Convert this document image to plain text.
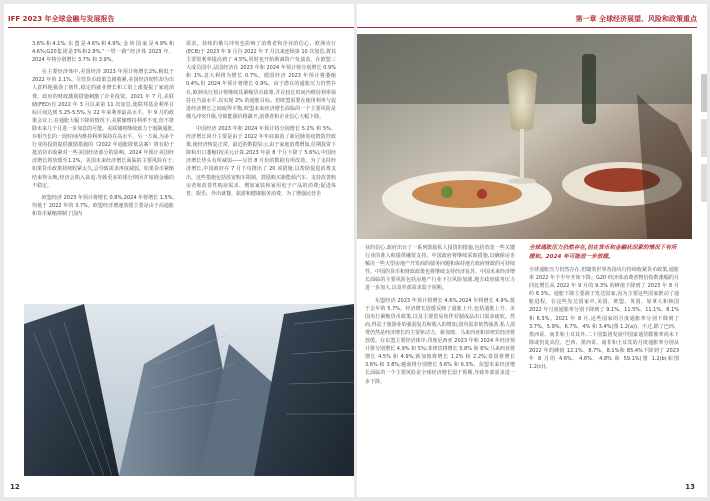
IFF 2023 年全球金融与发展报告

3.6%和4.1%;东盟是4.6%和4.9%;金砖国家是4.9%和4.6%;G20集团是3%和2.9%,“一带一路”经济体 2023 年、2024 年将分别增长 3.7% 和 3.9%。

在主要经济体中,美国经济 2023 年预计将增长2%,稍低于 2022 年的 2.1%。尽管货币政策急剧收紧,美国经济韧性却为出人意料地强劲了韧性,稳定的就业增长和工资上涨提振了家庭消费。政府的财政激励措施刺激了企业投资。2021 年 7 月,美联储(FED)自 2022 年 3 月以来第 11 次加息,使联邦基金利率目标区间达到 5.25-5.5%,为 22 年来利率最高水平。年 9 月的政策会议上,在通胀大幅下降的情况下,美联储维持利率不变,但不排除未来几个月进一步加息的可能。美联储将继续致力于遏制通胀,存相当长的一段时间内维持利率保持在高水平。另一方面,为多个行业的投资提供激励措施的《2022 年通胀降低法案》将有助于抵消货币收紧对一些美国经济部分的影响。2024 年预计美国经济增长将放缓至1.2%。美国未来经济增长面临的主要风险在于,如果货币政策持续收紧太久,会导致需求再度减弱。如果货币紧缩结束得太晚,经济会陷入衰退,导致更多的银行倒闭并加剧金融的不稳定。

欧盟经济 2023 年预计将增长 0.8%,2024 年将增长 1.5%,均低于 2022 年的 3.7%。欧盟经济增速放缓主要是由于高通胀和货币紧缩抑制了国内

需求。持续的俄乌冲突也影响了消费者和企业的信心。欧洲央行(ECB)于 2023 年 9 月自 2022 年 7 月以来连续第 10 次加息,将其主要资利率提高到了 4.5%,同时也开始削减资产负债表。在欧盟三大成员国中,法国经济在 2023 年和 2024 年预计将分别增长 0.9% 和 1%,意大利将为增长 0.7%。德国经济 2023 年预计将萎缩 0.4%,但 2024 年预计将增长 0.9%。由于潜在的通胀压力仍然存在,欧洲央行预计将继续其紧缩货币政策,并在较长时间内维持利率保持在当前水平,以实现 2% 的通胀目标。但欧盟需要在使用利率与促进经济增长之间取得平衡,欧盟未来经济增长面临的一个主要风险是俄乌冲突升级,导致能源价格飙升,消费者和企业信心大幅下降。

中国经济 2023 年和 2024 年预计将分别增长 5.2% 和 5%。经济增长回升主要是由于 2022 年年底取消了新冠肺炎疫情防控政策,使经济恢复正常。最近的数据显示,由于家庭消费增加,任期投资下降和出口萎缩(按美元计算,2023 年前 8 个月下降了 5.6%),中国经济增长势头有所减弱——尽管 8 月份的数据有所改善。为了支持经济增长,中国政府在 7 月下旬推出了 20 项措施,以帮助促进消费支出。这些措施包括放宽购车限制、鼓励购买新能源汽车、支持改善购房者和改善性购房需求、增加家装和家用电子产品的消费;促进体育、娱乐、外出就餐、旅游和健康服务消费。为了增强民营企

12
第一章 全球经济展望、风险和政策重点

业的信心,政府出台了一系列鼓励私人投资的措施,包括放宽一些关键行业的准入和提供融资支持。中国政府将继续采取措施,以确保房企解决一些大型房地产开发商的债务问题和保持地方政府财政的可持续性。中国的货币和财政政策也将继续支持经济复苏。中国未来经济增长面临的主要风险包括房地产行业下行风险加剧,地方政府债务压力进一步加大,以及外部需求弱于预期。

东盟经济 2023 年预计将增长 4.6%,2024 年将增长 4.9%,低于去年的 5.7%。经济增长放缓反映了通胀上升,包括通胀上升、美国央行紧缩货币政策,以及主要贸易伙伴对制成品出口需求疲软。然而,得益于旅游业的强劲复苏和收入的增加,国内需求依然强劲,私人消费仍然是经济增长的主要驱动力。新加坡、马来西亚和菲律宾经济将放缓。在东盟主要经济体中,印度尼西亚 2023 年和 2024 年经济预计将分别增长 4.9% 和 5%;菲律宾将增长 5.8% 和 6%;马来西亚将增长 4.5% 和 4.9%;新加坡将增长 1.2% 和 2.2%;泰国将增长 3.6% 和 3.8%;越南将分别增长 5.6% 和 6.3%。东盟未来经济增长面临的一个主要风险是全球经济增长弱于预期,导致外部需求进一步下降。

全球通胀压力仍然存在,但在货币和金融状况紧的情况下有所缓和。2024 年可能进一步放缓。

全球通胀压力仍然存在,但随着世界各国央行持续收紧货币政策,通胀率 2022 年下半年开始下降。G20 经济体消费者物价指数涨幅的月同比增长从 2022 年 9 月的 9.3% 的峰值下降到了 2023 年 8 月的 6.3%。通胀下降主要源于发达国家,因为主要这些国家推动了通胀进程。在这些发达国家中,美国、欧盟、英国、加拿大和韩国 2022 年月度通胀率分别下降到了 9.1%、11.5%、11.1%、8.1% 和 6.3%。2021 年 8 月,这些国家的月度通胀率分别下降到了 3.7%、5.9%、6.7%、4% 和 3.4%(图 1.2(a))。不过,除了巴西、墨西哥、南非和土耳其外,二十国集团发展中国家通货膨胀率尚未下降或仍处高位。巴西、墨西哥、南非和土耳其的月度通胀率分别从 2022 年的峰值 12.1%、8.7%、8.1%和 85.4%下降到了 2023 年 8 月的 4.6%、4.6%、4.8% 和 59.1%(图 1.2(b)和图 1.2(c))。

13
